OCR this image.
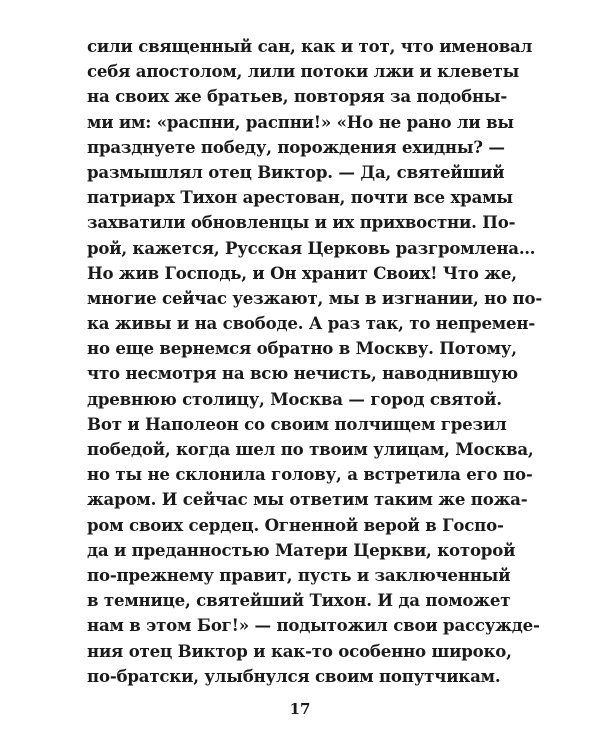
сили священный сан, как и тот, что именовал
себя апостолом, лили потоки лжи и клеветы
на своих же братьев, повторяя за подобны-
ми им: «распни, распни!» «Но не рано ли вы
празднуете победу, порождения ехидны? —
размышлял отец Виктор. — Да, святейший
патриарх Тихон арестован, почти все храмы
захватили обновленцы и их прихвостни. По-
рой, кажется, Русская Церковь разгромлена…
Но жив Господь, и Он хранит Своих! Что же,
многие сейчас уезжают, мы в изгнании, но по-
ка живы и на свободе. А раз так, то непремен-
но еще вернемся обратно в Москву. Потому,
что несмотря на всю нечисть, наводнившую
древнюю столицу, Москва — город святой.
Вот и Наполеон со своим полчищем грезил
победой, когда шел по твоим улицам, Москва,
но ты не склонила голову, а встретила его по-
жаром. И сейчас мы ответим таким же пожа-
ром своих сердец. Огненной верой в Госпо-
да и преданностью Матери Церкви, которой
по-прежнему правит, пусть и заключенный
в темнице, святейший Тихон. И да поможет
нам в этом Бог!» — подытожил свои рассужде-
ния отец Виктор и как-то особенно широко,
по-братски, улыбнулся своим попутчикам.
17
